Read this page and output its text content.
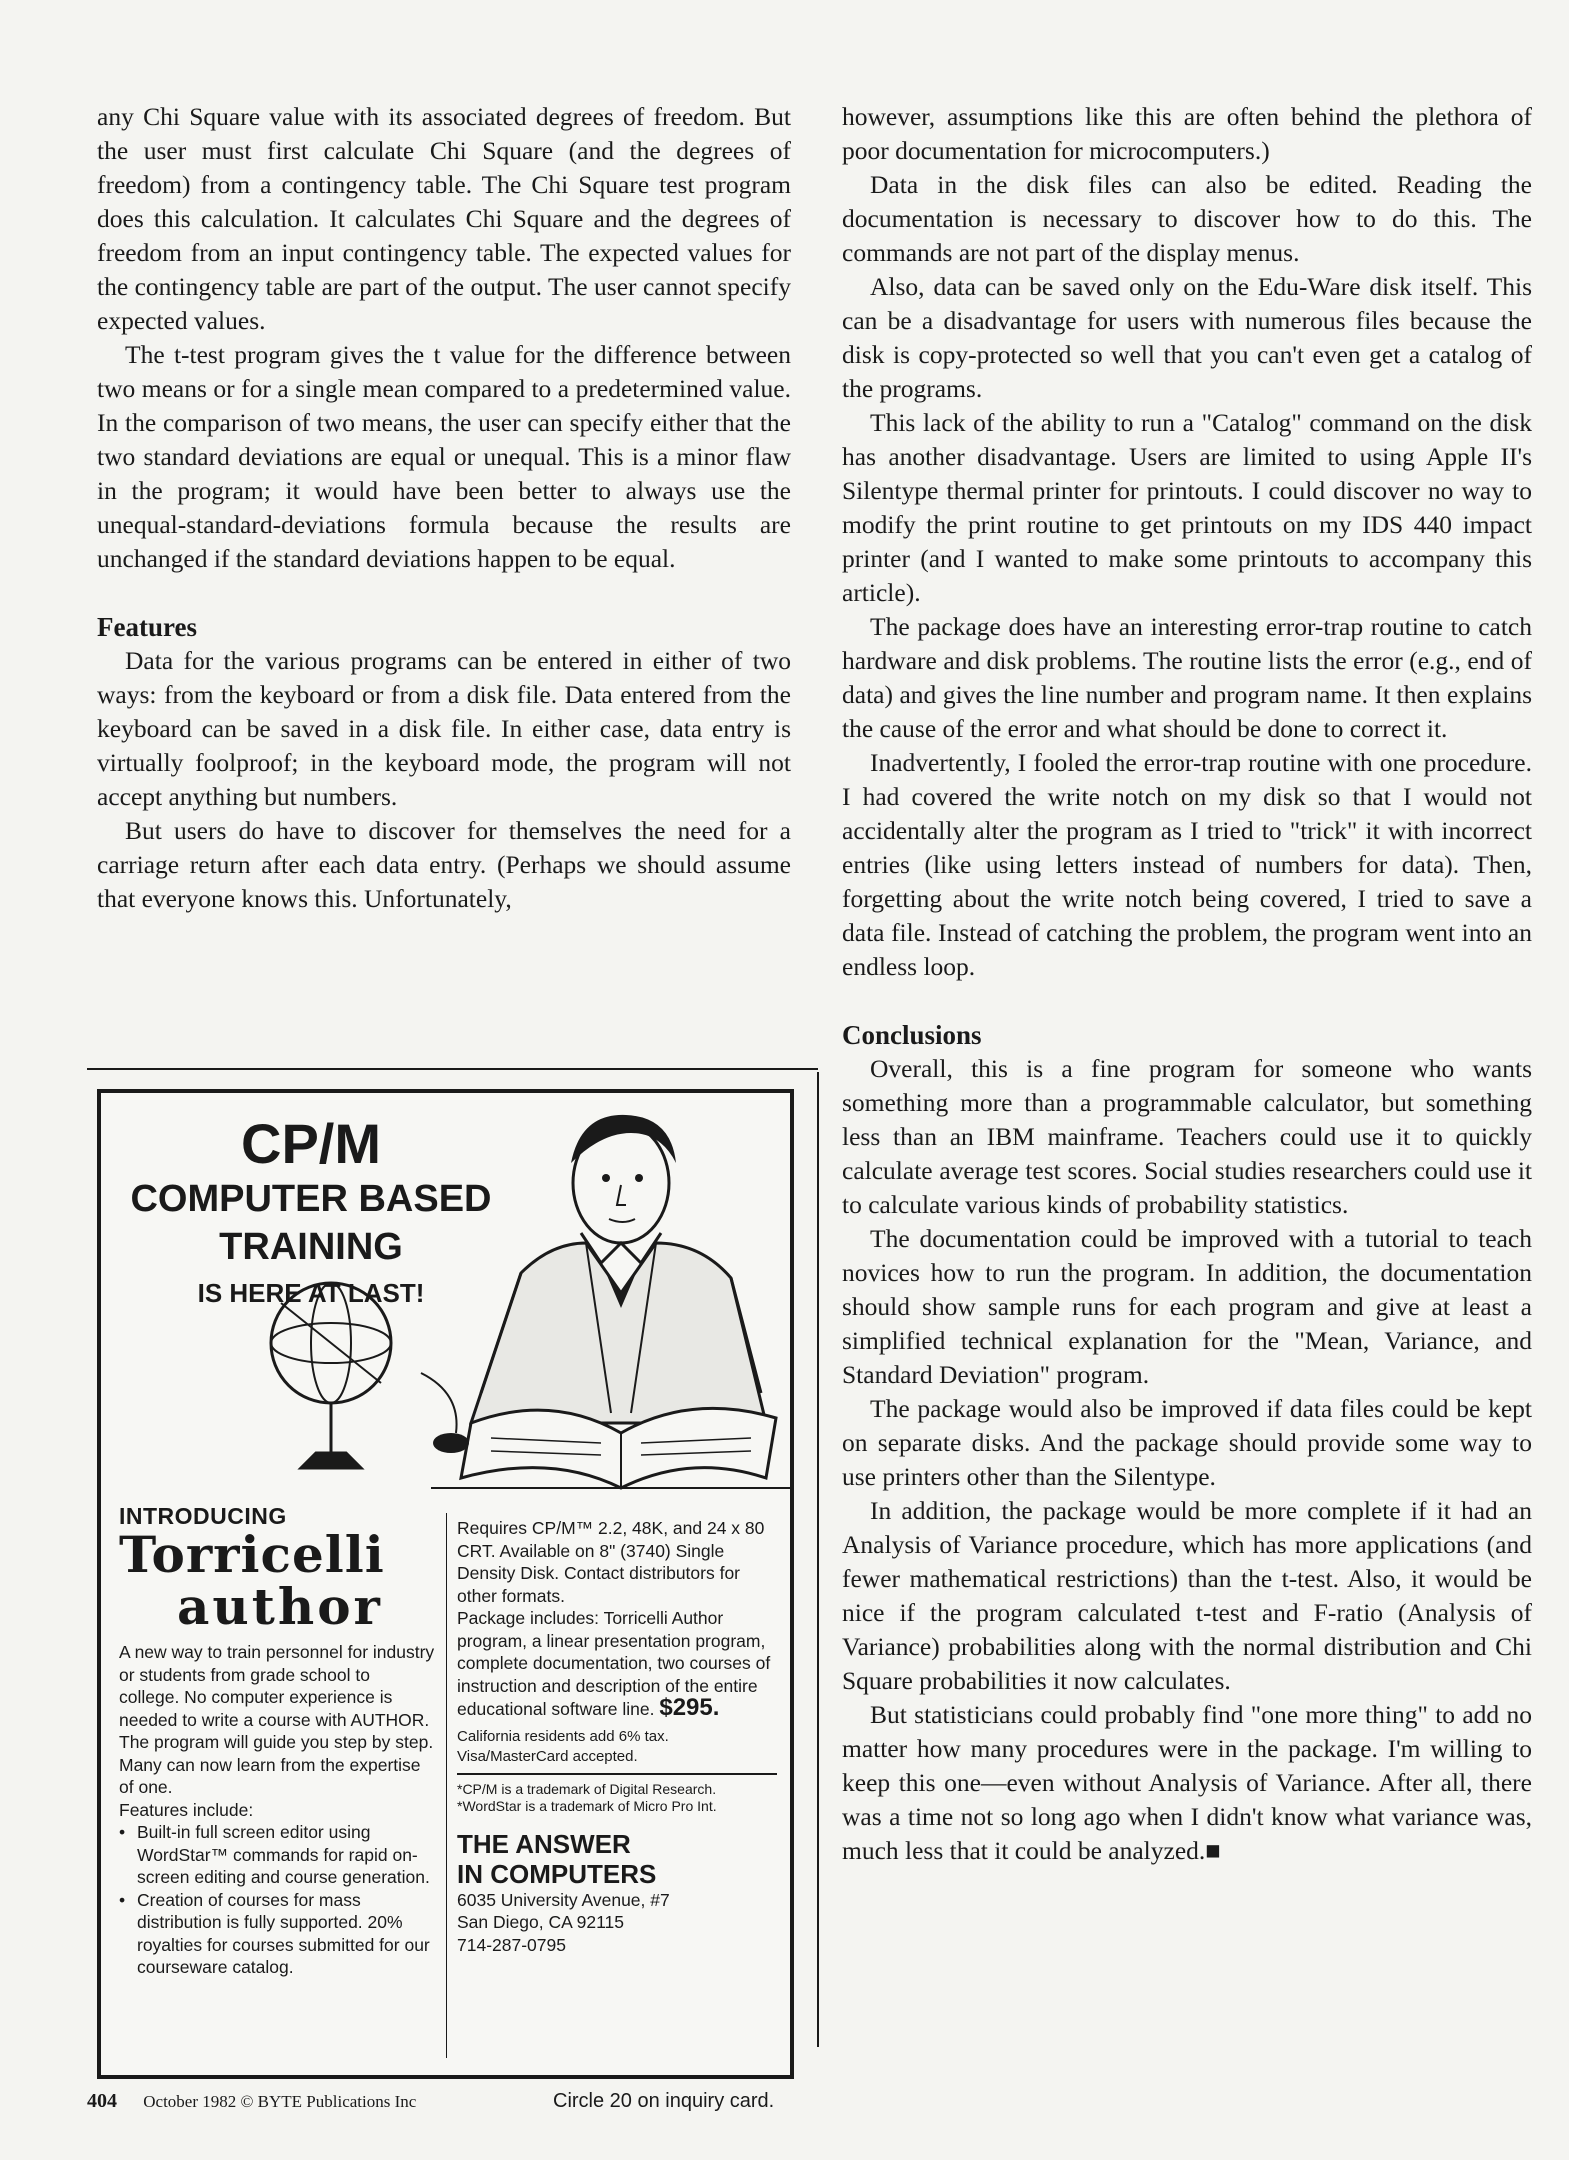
any Chi Square value with its associated degrees of freedom. But the user must first calculate Chi Square (and the degrees of freedom) from a contingency table. The Chi Square test program does this calculation. It calculates Chi Square and the degrees of freedom from an input contingency table. The expected values for the contingency table are part of the output. The user cannot specify expected values.

The t-test program gives the t value for the difference between two means or for a single mean compared to a predetermined value. In the comparison of two means, the user can specify either that the two standard deviations are equal or unequal. This is a minor flaw in the program; it would have been better to always use the unequal-standard-deviations formula because the results are unchanged if the standard deviations happen to be equal.

Features

Data for the various programs can be entered in either of two ways: from the keyboard or from a disk file. Data entered from the keyboard can be saved in a disk file. In either case, data entry is virtually foolproof; in the keyboard mode, the program will not accept anything but numbers.

But users do have to discover for themselves the need for a carriage return after each data entry. (Perhaps we should assume that everyone knows this. Unfortunately,

however, assumptions like this are often behind the plethora of poor documentation for microcomputers.)

Data in the disk files can also be edited. Reading the documentation is necessary to discover how to do this. The commands are not part of the display menus.

Also, data can be saved only on the Edu-Ware disk itself. This can be a disadvantage for users with numerous files because the disk is copy-protected so well that you can't even get a catalog of the programs.

This lack of the ability to run a "Catalog" command on the disk has another disadvantage. Users are limited to using Apple II's Silentype thermal printer for printouts. I could discover no way to modify the print routine to get printouts on my IDS 440 impact printer (and I wanted to make some printouts to accompany this article).

The package does have an interesting error-trap routine to catch hardware and disk problems. The routine lists the error (e.g., end of data) and gives the line number and program name. It then explains the cause of the error and what should be done to correct it.

Inadvertently, I fooled the error-trap routine with one procedure. I had covered the write notch on my disk so that I would not accidentally alter the program as I tried to "trick" it with incorrect entries (like using letters instead of numbers for data). Then, forgetting about the write notch being covered, I tried to save a data file. Instead of catching the problem, the program went into an endless loop.

Conclusions

Overall, this is a fine program for someone who wants something more than a programmable calculator, but something less than an IBM mainframe. Teachers could use it to quickly calculate average test scores. Social studies researchers could use it to calculate various kinds of probability statistics.

The documentation could be improved with a tutorial to teach novices how to run the program. In addition, the documentation should show sample runs for each program and give at least a simplified technical explanation for the "Mean, Variance, and Standard Deviation" program.

The package would also be improved if data files could be kept on separate disks. And the package should provide some way to use printers other than the Silentype.

In addition, the package would be more complete if it had an Analysis of Variance procedure, which has more applications (and fewer mathematical restrictions) than the t-test. Also, it would be nice if the program calculated t-test and F-ratio (Analysis of Variance) probabilities along with the normal distribution and Chi Square probabilities it now calculates.

But statisticians could probably find "one more thing" to add no matter how many procedures were in the package. I'm willing to keep this one—even without Analysis of Variance. After all, there was a time not so long ago when I didn't know what variance was, much less that it could be analyzed.■

CP/M
COMPUTER BASED
TRAINING
IS HERE AT LAST!
INTRODUCING
Torricelli
author
A new way to train personnel for industry or students from grade school to college. No computer experience is needed to write a course with AUTHOR. The program will guide you step by step. Many can now learn from the expertise of one.
Features include:
• Built-in full screen editor using WordStar™ commands for rapid on-screen editing and course generation.
• Creation of courses for mass distribution is fully supported. 20% royalties for courses submitted for our courseware catalog.
Requires CP/M™ 2.2, 48K, and 24 x 80 CRT. Available on 8" (3740) Single Density Disk. Contact distributors for other formats.
Package includes: Torricelli Author program, a linear presentation program, complete documentation, two courses of instruction and description of the entire educational software line. $295.
California residents add 6% tax. Visa/MasterCard accepted.
*CP/M is a trademark of Digital Research.
*WordStar is a trademark of Micro Pro Int.
THE ANSWER
IN COMPUTERS
6035 University Avenue, #7
San Diego, CA 92115
714-287-0795
404 October 1982 © BYTE Publications Inc	Circle 20 on inquiry card.
